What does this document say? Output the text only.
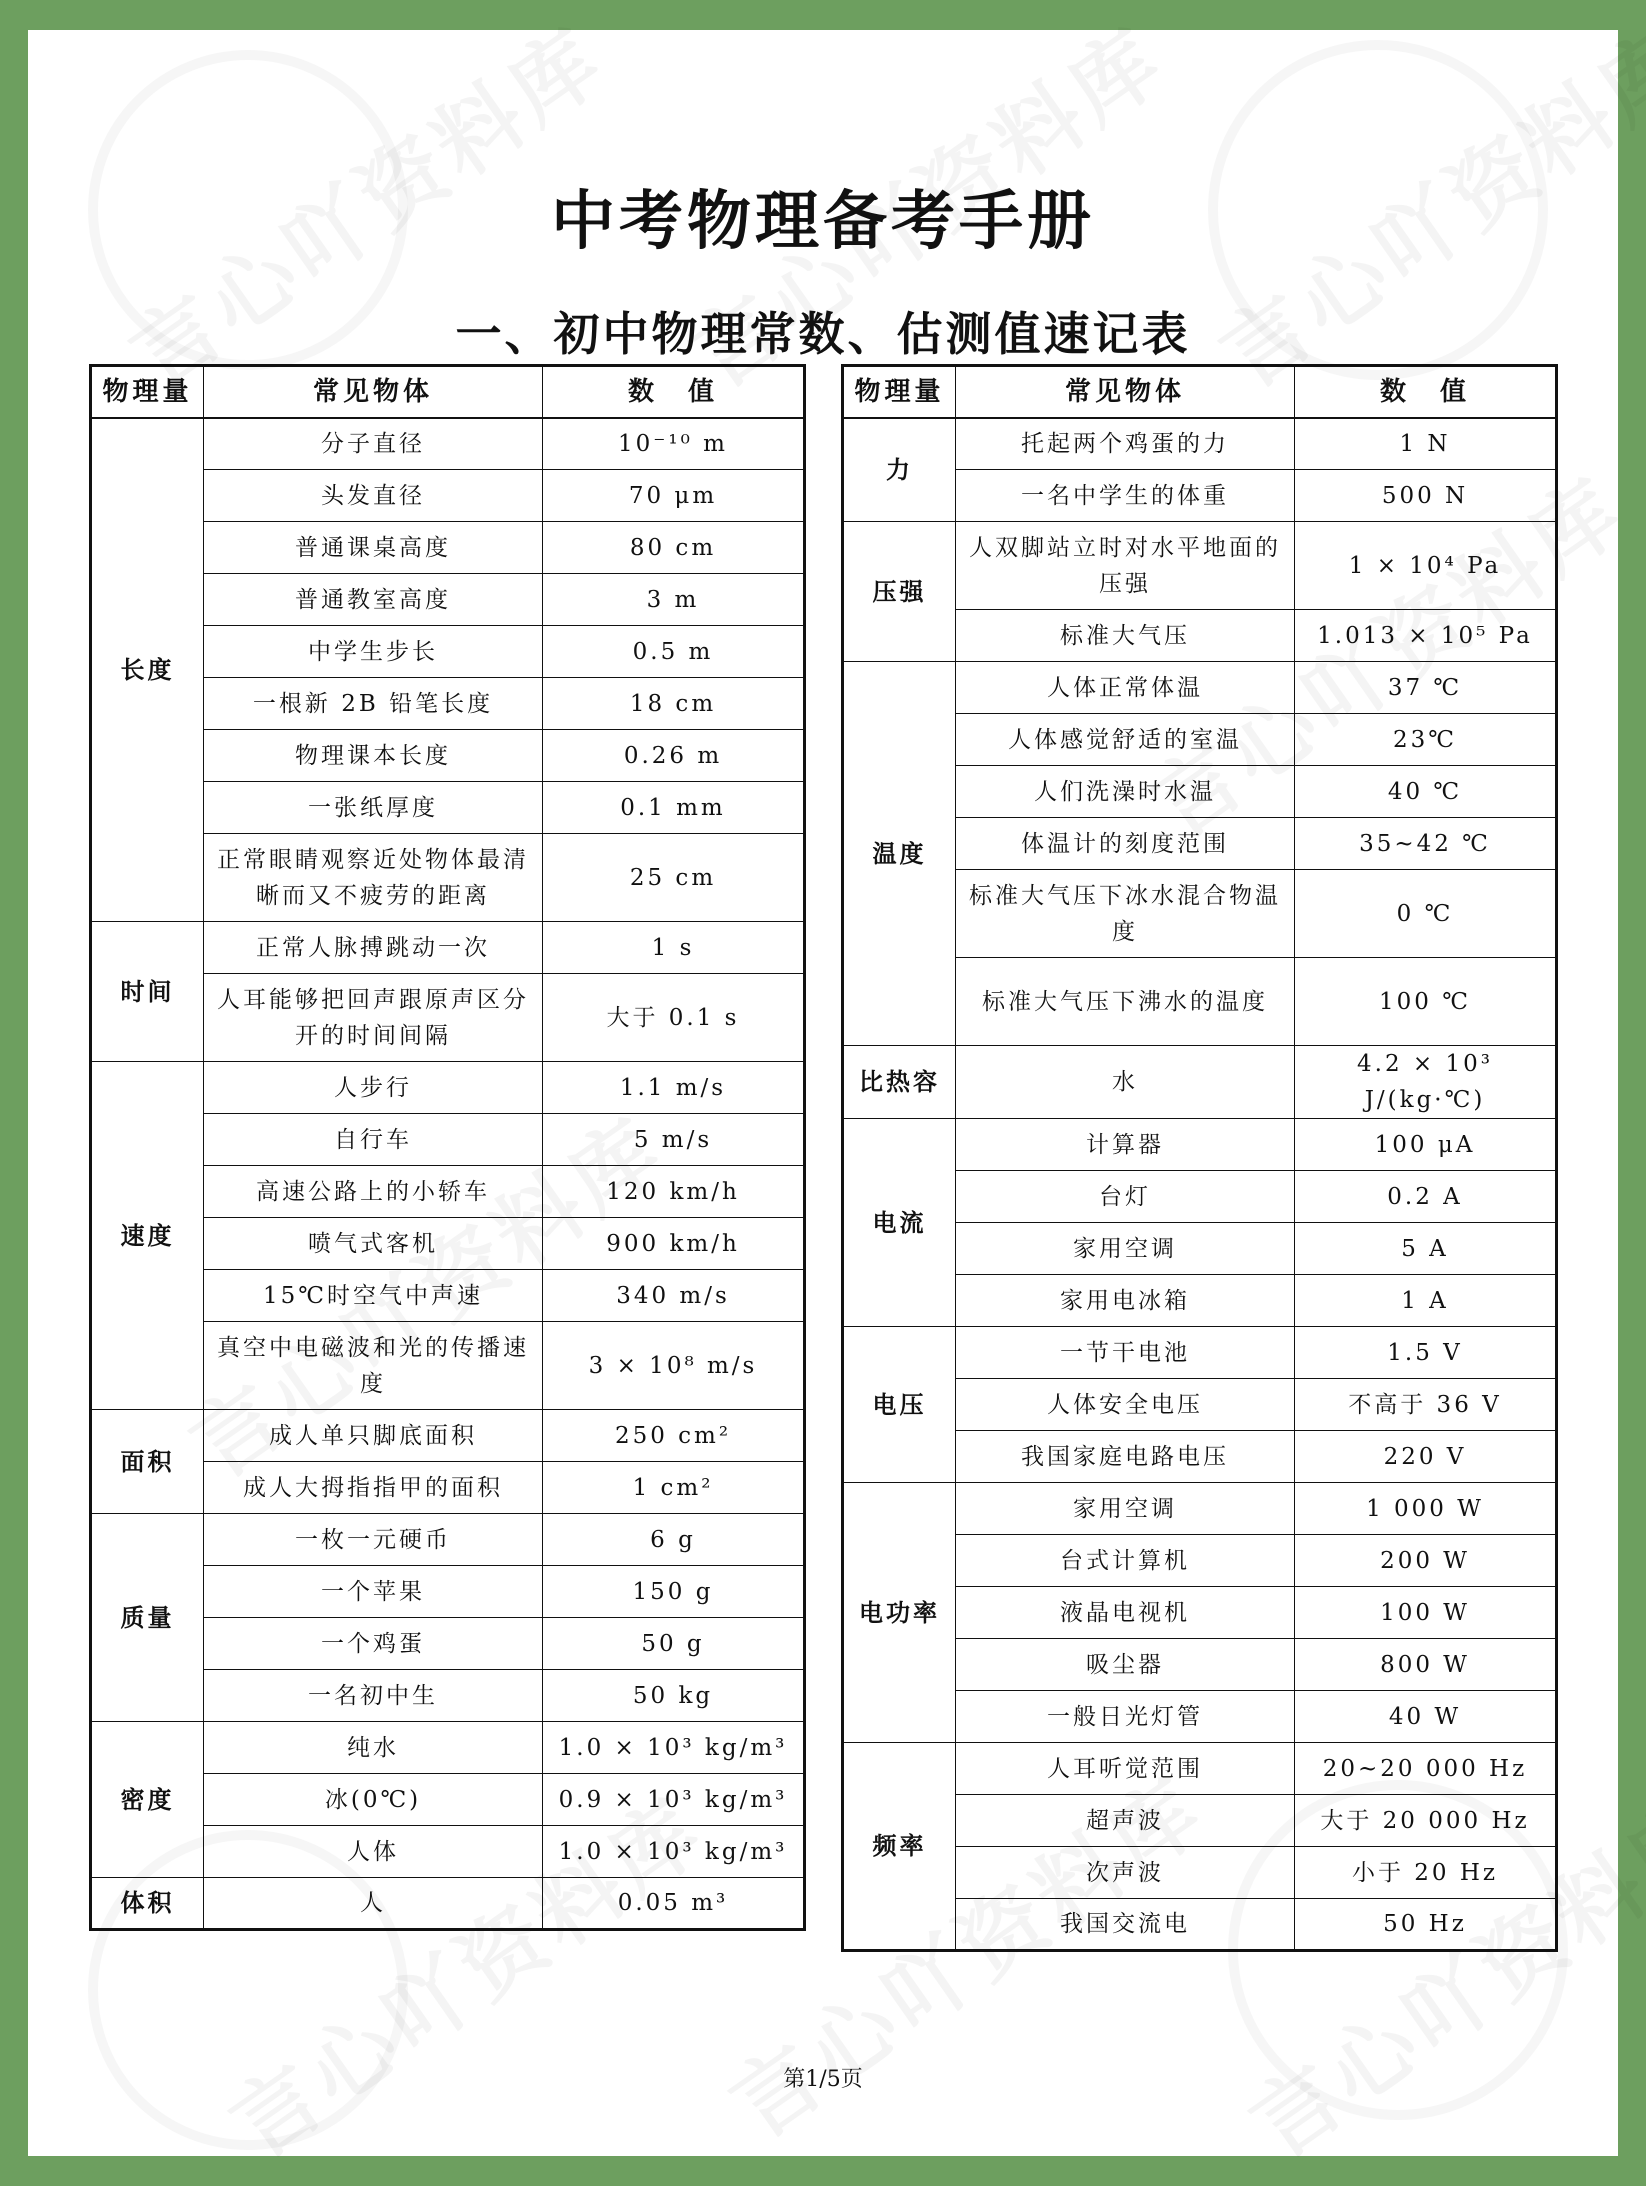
中考物理备考手册
一、初中物理常数、估测值速记表
物理量	常见物体	数　值
长度	分子直径	10⁻¹⁰ m
	头发直径	70 μm
	普通课桌高度	80 cm
	普通教室高度	3 m
	中学生步长	0.5 m
	一根新 2B 铅笔长度	18 cm
	物理课本长度	0.26 m
	一张纸厚度	0.1 mm
	正常眼睛观察近处物体最清晰而又不疲劳的距离	25 cm
时间	正常人脉搏跳动一次	1 s
	人耳能够把回声跟原声区分开的时间间隔	大于 0.1 s
速度	人步行	1.1 m/s
	自行车	5 m/s
	高速公路上的小轿车	120 km/h
	喷气式客机	900 km/h
	15℃时空气中声速	340 m/s
	真空中电磁波和光的传播速度	3 × 10⁸ m/s
面积	成人单只脚底面积	250 cm²
	成人大拇指指甲的面积	1 cm²
质量	一枚一元硬币	6 g
	一个苹果	150 g
	一个鸡蛋	50 g
	一名初中生	50 kg
密度	纯水	1.0 × 10³ kg/m³
	冰(0℃)	0.9 × 10³ kg/m³
	人体	1.0 × 10³ kg/m³
体积	人	0.05 m³
物理量	常见物体	数　值
力	托起两个鸡蛋的力	1 N
	一名中学生的体重	500 N
压强	人双脚站立时对水平地面的压强	1 × 10⁴ Pa
	标准大气压	1.013 × 10⁵ Pa
温度	人体正常体温	37 ℃
	人体感觉舒适的室温	23℃
	人们洗澡时水温	40 ℃
	体温计的刻度范围	35~42 ℃
	标准大气压下冰水混合物温度	0 ℃
	标准大气压下沸水的温度	100 ℃
比热容	水	4.2 × 10³ J/(kg·℃)
电流	计算器	100 μA
	台灯	0.2 A
	家用空调	5 A
	家用电冰箱	1 A
电压	一节干电池	1.5 V
	人体安全电压	不高于 36 V
	我国家庭电路电压	220 V
电功率	家用空调	1 000 W
	台式计算机	200 W
	液晶电视机	100 W
	吸尘器	800 W
	一般日光灯管	40 W
频率	人耳听觉范围	20~20 000 Hz
	超声波	大于 20 000 Hz
	次声波	小于 20 Hz
	我国交流电	50 Hz
第1/5页
